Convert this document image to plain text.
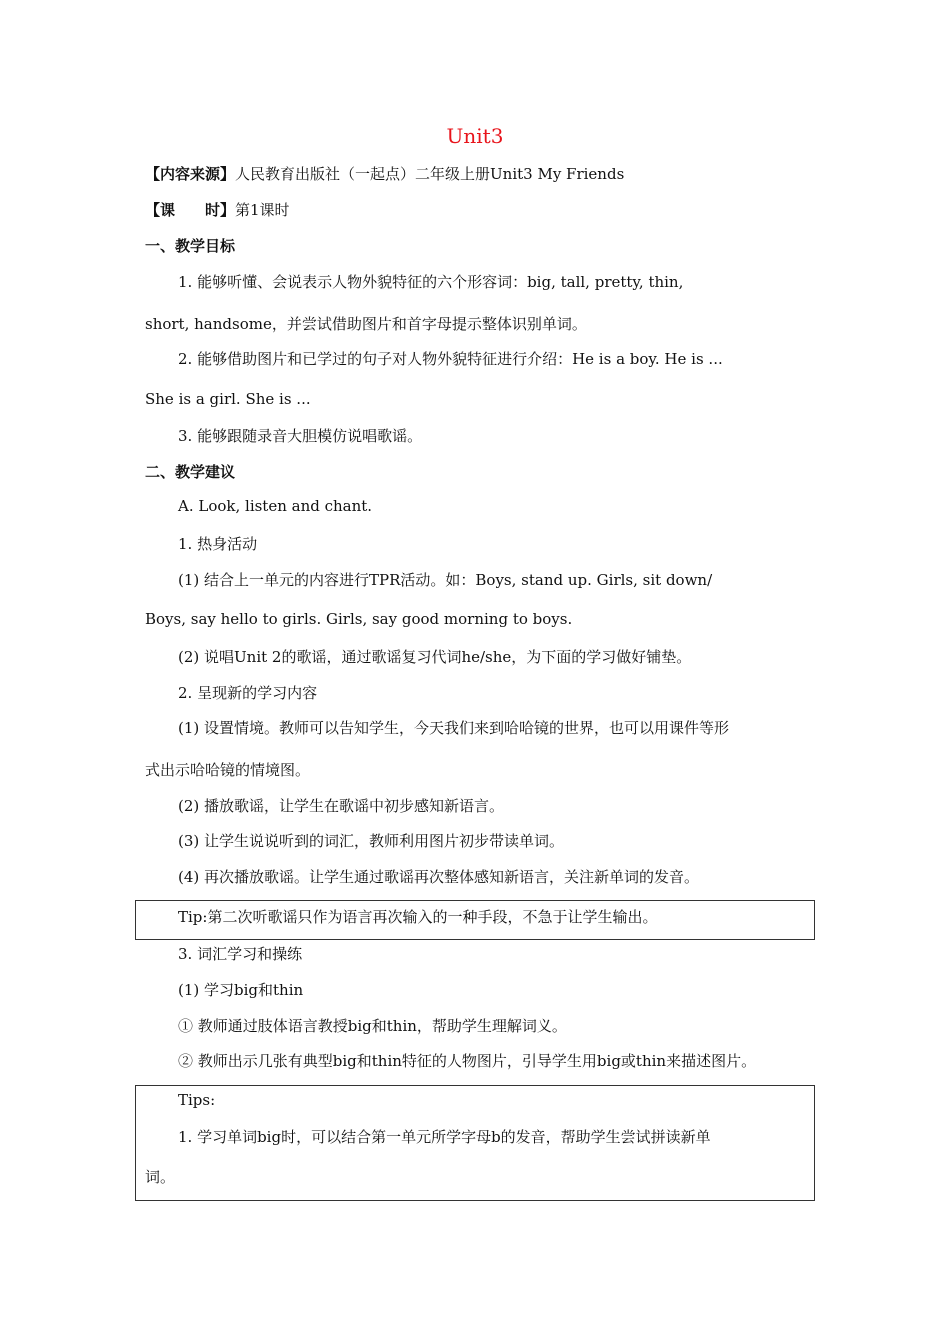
Unit3
【内容来源】人民教育出版社（一起点）二年级上册Unit3 My Friends
【课　　时】第1课时
一、教学目标
1. 能够听懂、会说表示人物外貌特征的六个形容词：big, tall, pretty, thin,
short, handsome，并尝试借助图片和首字母提示整体识别单词。
2. 能够借助图片和已学过的句子对人物外貌特征进行介绍：He is a boy. He is ...
She is a girl. She is ...
3. 能够跟随录音大胆模仿说唱歌谣。
二、教学建议
A. Look, listen and chant.
1. 热身活动
(1) 结合上一单元的内容进行TPR活动。如：Boys, stand up. Girls, sit down/
Boys, say hello to girls. Girls, say good morning to boys.
(2) 说唱Unit 2的歌谣，通过歌谣复习代词he/she，为下面的学习做好铺垫。
2. 呈现新的学习内容
(1) 设置情境。教师可以告知学生，今天我们来到哈哈镜的世界，也可以用课件等形
式出示哈哈镜的情境图。
(2) 播放歌谣，让学生在歌谣中初步感知新语言。
(3) 让学生说说听到的词汇，教师利用图片初步带读单词。
(4) 再次播放歌谣。让学生通过歌谣再次整体感知新语言，关注新单词的发音。
Tip:第二次听歌谣只作为语言再次输入的一种手段，不急于让学生输出。
3. 词汇学习和操练
(1) 学习big和thin
① 教师通过肢体语言教授big和thin，帮助学生理解词义。
② 教师出示几张有典型big和thin特征的人物图片，引导学生用big或thin来描述图片。
Tips:
1. 学习单词big时，可以结合第一单元所学字母b的发音，帮助学生尝试拼读新单
词。
